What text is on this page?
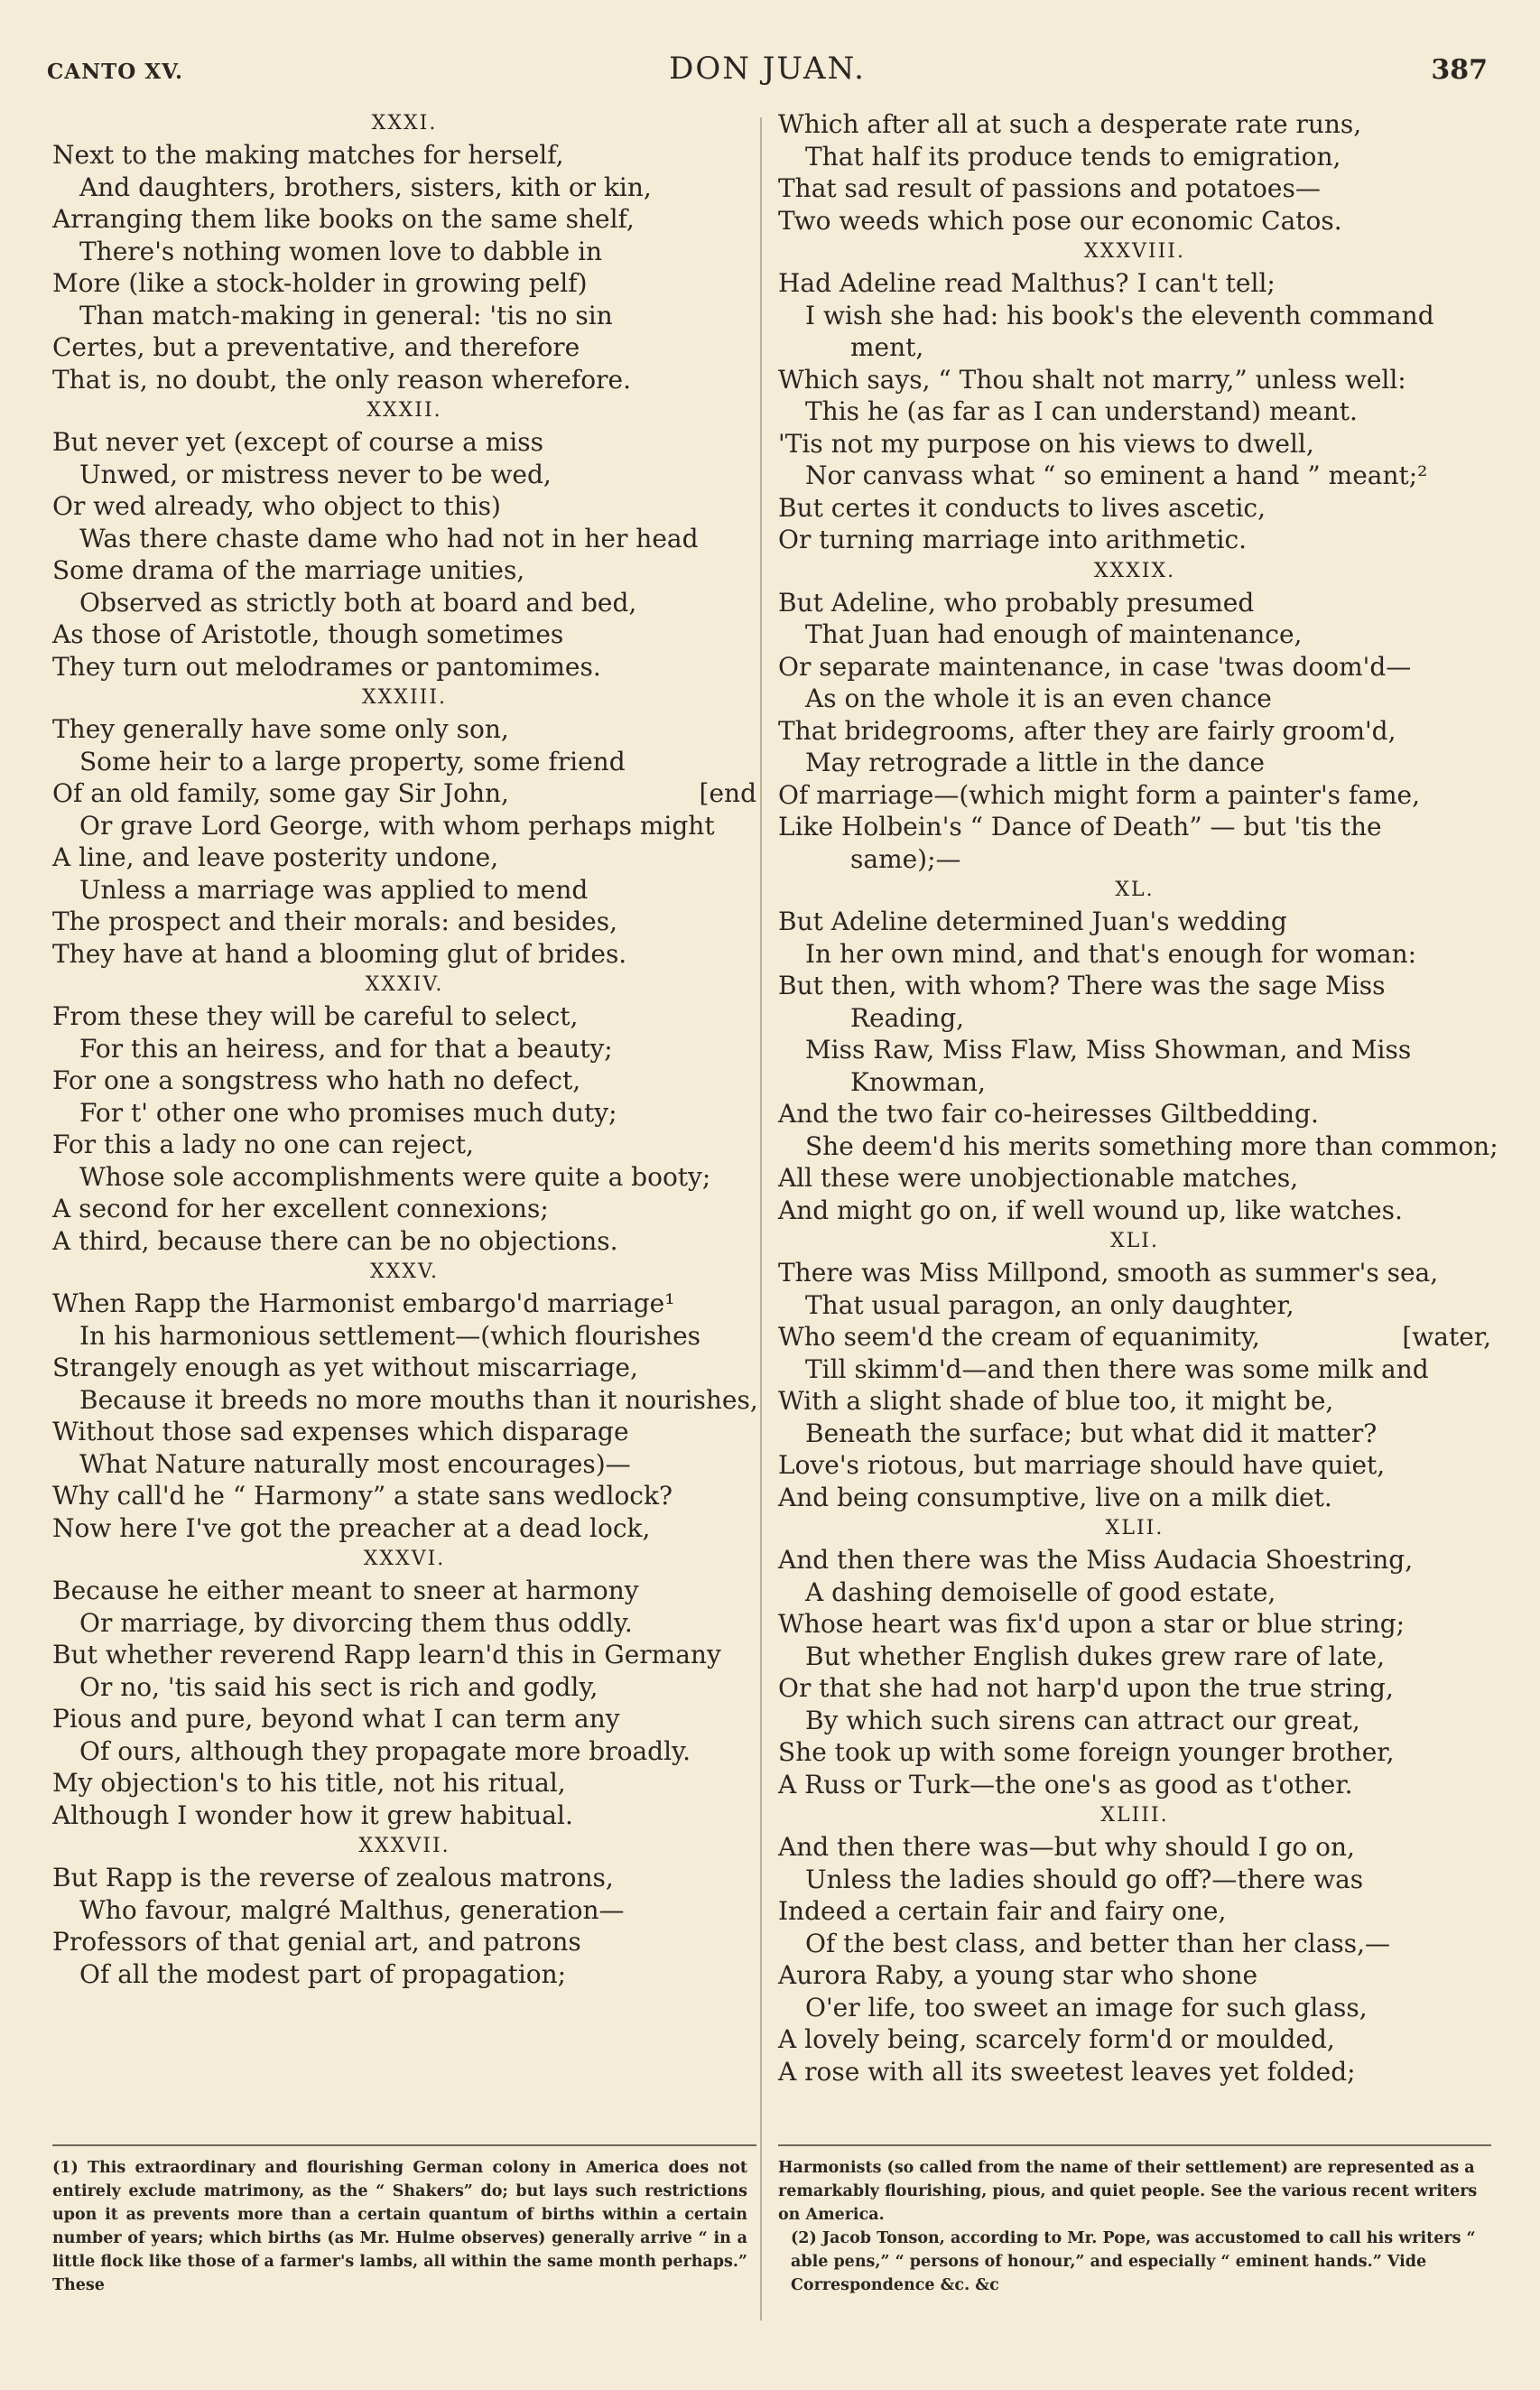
CANTO XV.	DON JUAN.	387
XXXI.
Next to the making matches for herself,
And daughters, brothers, sisters, kith or kin,
Arranging them like books on the same shelf,
There's nothing women love to dabble in
More (like a stock-holder in growing pelf)
Than match-making in general: 'tis no sin
Certes, but a preventative, and therefore
That is, no doubt, the only reason wherefore.
XXXII.
But never yet (except of course a miss
Unwed, or mistress never to be wed,
Or wed already, who object to this)
Was there chaste dame who had not in her head
Some drama of the marriage unities,
Observed as strictly both at board and bed,
As those of Aristotle, though sometimes
They turn out melodrames or pantomimes.
XXXIII.
They generally have some only son,
Some heir to a large property, some friend
[end
Of an old family, some gay Sir John,
Or grave Lord George, with whom perhaps might
A line, and leave posterity undone,
Unless a marriage was applied to mend
The prospect and their morals: and besides,
They have at hand a blooming glut of brides.
XXXIV.
From these they will be careful to select,
For this an heiress, and for that a beauty;
For one a songstress who hath no defect,
For t' other one who promises much duty;
For this a lady no one can reject,
Whose sole accomplishments were quite a booty;
A second for her excellent connexions;
A third, because there can be no objections.
XXXV.
When Rapp the Harmonist embargo'd marriage¹
In his harmonious settlement—(which flourishes
Strangely enough as yet without miscarriage,
Because it breeds no more mouths than it nourishes,
Without those sad expenses which disparage
What Nature naturally most encourages)—
Why call'd he “ Harmony” a state sans wedlock?
Now here I've got the preacher at a dead lock,
XXXVI.
Because he either meant to sneer at harmony
Or marriage, by divorcing them thus oddly.
But whether reverend Rapp learn'd this in Germany
Or no, 'tis said his sect is rich and godly,
Pious and pure, beyond what I can term any
Of ours, although they propagate more broadly.
My objection's to his title, not his ritual,
Although I wonder how it grew habitual.
XXXVII.
But Rapp is the reverse of zealous matrons,
Who favour, malgré Malthus, generation—
Professors of that genial art, and patrons
Of all the modest part of propagation;
Which after all at such a desperate rate runs,
That half its produce tends to emigration,
That sad result of passions and potatoes—
Two weeds which pose our economic Catos.
XXXVIII.
Had Adeline read Malthus? I can't tell;
I wish she had: his book's the eleventh command
ment,
Which says, “ Thou shalt not marry,” unless well:
This he (as far as I can understand) meant.
'Tis not my purpose on his views to dwell,
Nor canvass what “ so eminent a hand ” meant;²
But certes it conducts to lives ascetic,
Or turning marriage into arithmetic.
XXXIX.
But Adeline, who probably presumed
That Juan had enough of maintenance,
Or separate maintenance, in case 'twas doom'd—
As on the whole it is an even chance
That bridegrooms, after they are fairly groom'd,
May retrograde a little in the dance
Of marriage—(which might form a painter's fame,
Like Holbein's “ Dance of Death” — but 'tis the
same);—
XL.
But Adeline determined Juan's wedding
In her own mind, and that's enough for woman:
But then, with whom? There was the sage Miss
Reading,
Miss Raw, Miss Flaw, Miss Showman, and Miss
Knowman,
And the two fair co-heiresses Giltbedding.
She deem'd his merits something more than common;
All these were unobjectionable matches,
And might go on, if well wound up, like watches.
XLI.
There was Miss Millpond, smooth as summer's sea,
That usual paragon, an only daughter,
[water,
Who seem'd the cream of equanimity,
Till skimm'd—and then there was some milk and
With a slight shade of blue too, it might be,
Beneath the surface; but what did it matter?
Love's riotous, but marriage should have quiet,
And being consumptive, live on a milk diet.
XLII.
And then there was the Miss Audacia Shoestring,
A dashing demoiselle of good estate,
Whose heart was fix'd upon a star or blue string;
But whether English dukes grew rare of late,
Or that she had not harp'd upon the true string,
By which such sirens can attract our great,
She took up with some foreign younger brother,
A Russ or Turk—the one's as good as t'other.
XLIII.
And then there was—but why should I go on,
Unless the ladies should go off?—there was
Indeed a certain fair and fairy one,
Of the best class, and better than her class,—
Aurora Raby, a young star who shone
O'er life, too sweet an image for such glass,
A lovely being, scarcely form'd or moulded,
A rose with all its sweetest leaves yet folded;
(1) This extraordinary and flourishing German colony in America does not entirely exclude matrimony, as the “ Shakers” do; but lays such restrictions upon it as prevents more than a certain quantum of births within a certain number of years; which births (as Mr. Hulme observes) generally arrive “ in a little flock like those of a farmer's lambs, all within the same month perhaps.” These
Harmonists (so called from the name of their settlement) are represented as a remarkably flourishing, pious, and quiet people. See the various recent writers on America.
(2) Jacob Tonson, according to Mr. Pope, was accustomed to call his writers “ able pens,” “ persons of honour,” and especially “ eminent hands.” Vide Correspondence &c. &c
